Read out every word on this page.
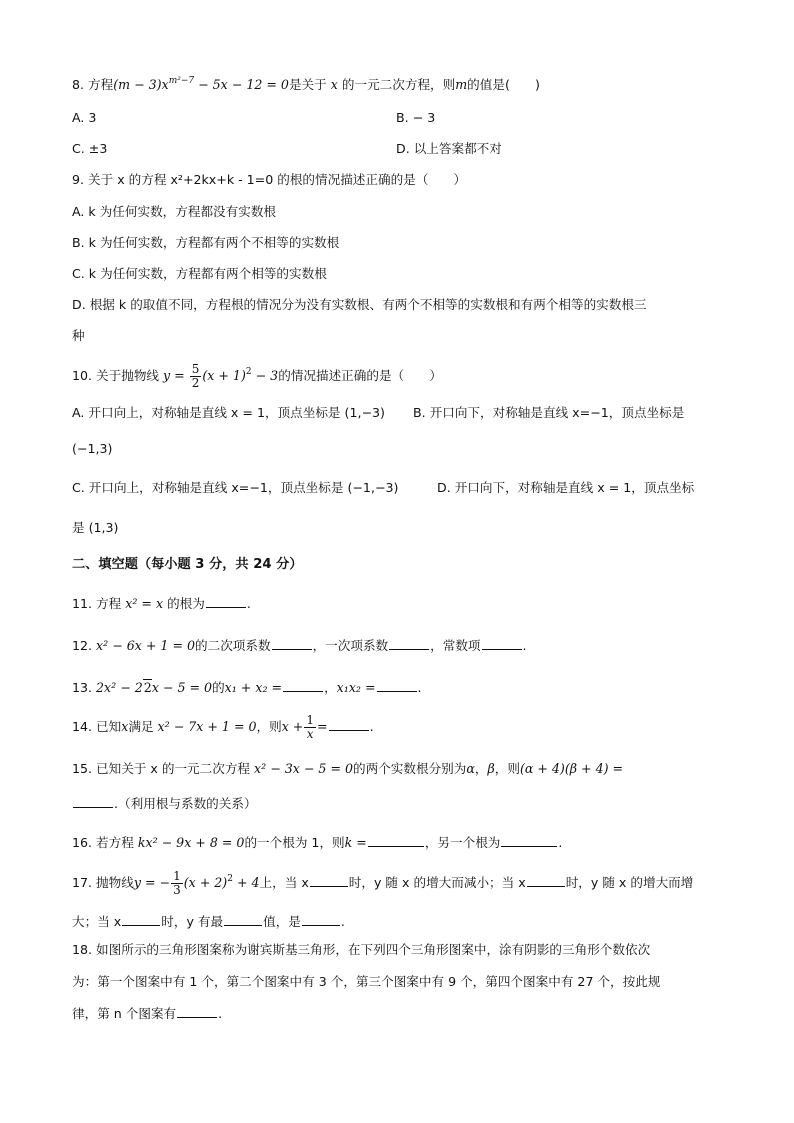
8. 方程$(m - 3)x^{m^2-7} - 5x - 12 = 0$是关于 x 的一元二次方程，则m的值是(　　)
A. 3	B. − 3
C. ±3	D. 以上答案都不对
9. 关于 x 的方程 x²+2kx+k - 1=0 的根的情况描述正确的是（　　）
A. k 为任何实数，方程都没有实数根
B. k 为任何实数，方程都有两个不相等的实数根
C. k 为任何实数，方程都有两个相等的实数根
D. 根据 k 的取值不同，方程根的情况分为没有实数根、有两个不相等的实数根和有两个相等的实数根三
种
10. 关于抛物线 $y = \frac{5}{2} (x + 1)^2 - 3$的情况描述正确的是（　　）
A. 开口向上，对称轴是直线 x = 1，顶点坐标是 (1,−3) B. 开口向下，对称轴是直线 x=−1，顶点坐标是
(−1,3)
C. 开口向上，对称轴是直线 x=−1，顶点坐标是 (−1,−3)	D. 开口向下，对称轴是直线 x = 1，顶点坐标
是 (1,3)
二、填空题（每小题 3 分，共 24 分）
11. 方程 x² = x 的根为	.
12. x² − 6x + 1 = 0的二次项系数	，一次项系数	，常数项	.
13. 2x² − 22x − 5 = 0的x₁ + x₂ =	，x₁x₂ =	.
14. 已知x满足 x² − 7x + 1 = 0，则$x + \frac{1}{x}$ =	.
15. 已知关于 x 的一元二次方程 x² − 3x − 5 = 0的两个实数根分别为α，β，则(α + 4)(β + 4) =
.（利用根与系数的关系）
16. 若方程 kx² − 9x + 8 = 0的一个根为 1，则k =	，另一个根为	.
17. 抛物线y = − $\frac{1}{3} (x + 2)^2 + 4$上，当 x	时，y 随 x 的增大而减小；当 x	时，y 随 x 的增大而增
大；当 x	时，y 有最	值，是	.
18. 如图所示的三角形图案称为谢宾斯基三角形，在下列四个三角形图案中，涂有阴影的三角形个数依次
为：第一个图案中有 1 个，第二个图案中有 3 个，第三个图案中有 9 个，第四个图案中有 27 个，按此规
律，第 n 个图案有	.
